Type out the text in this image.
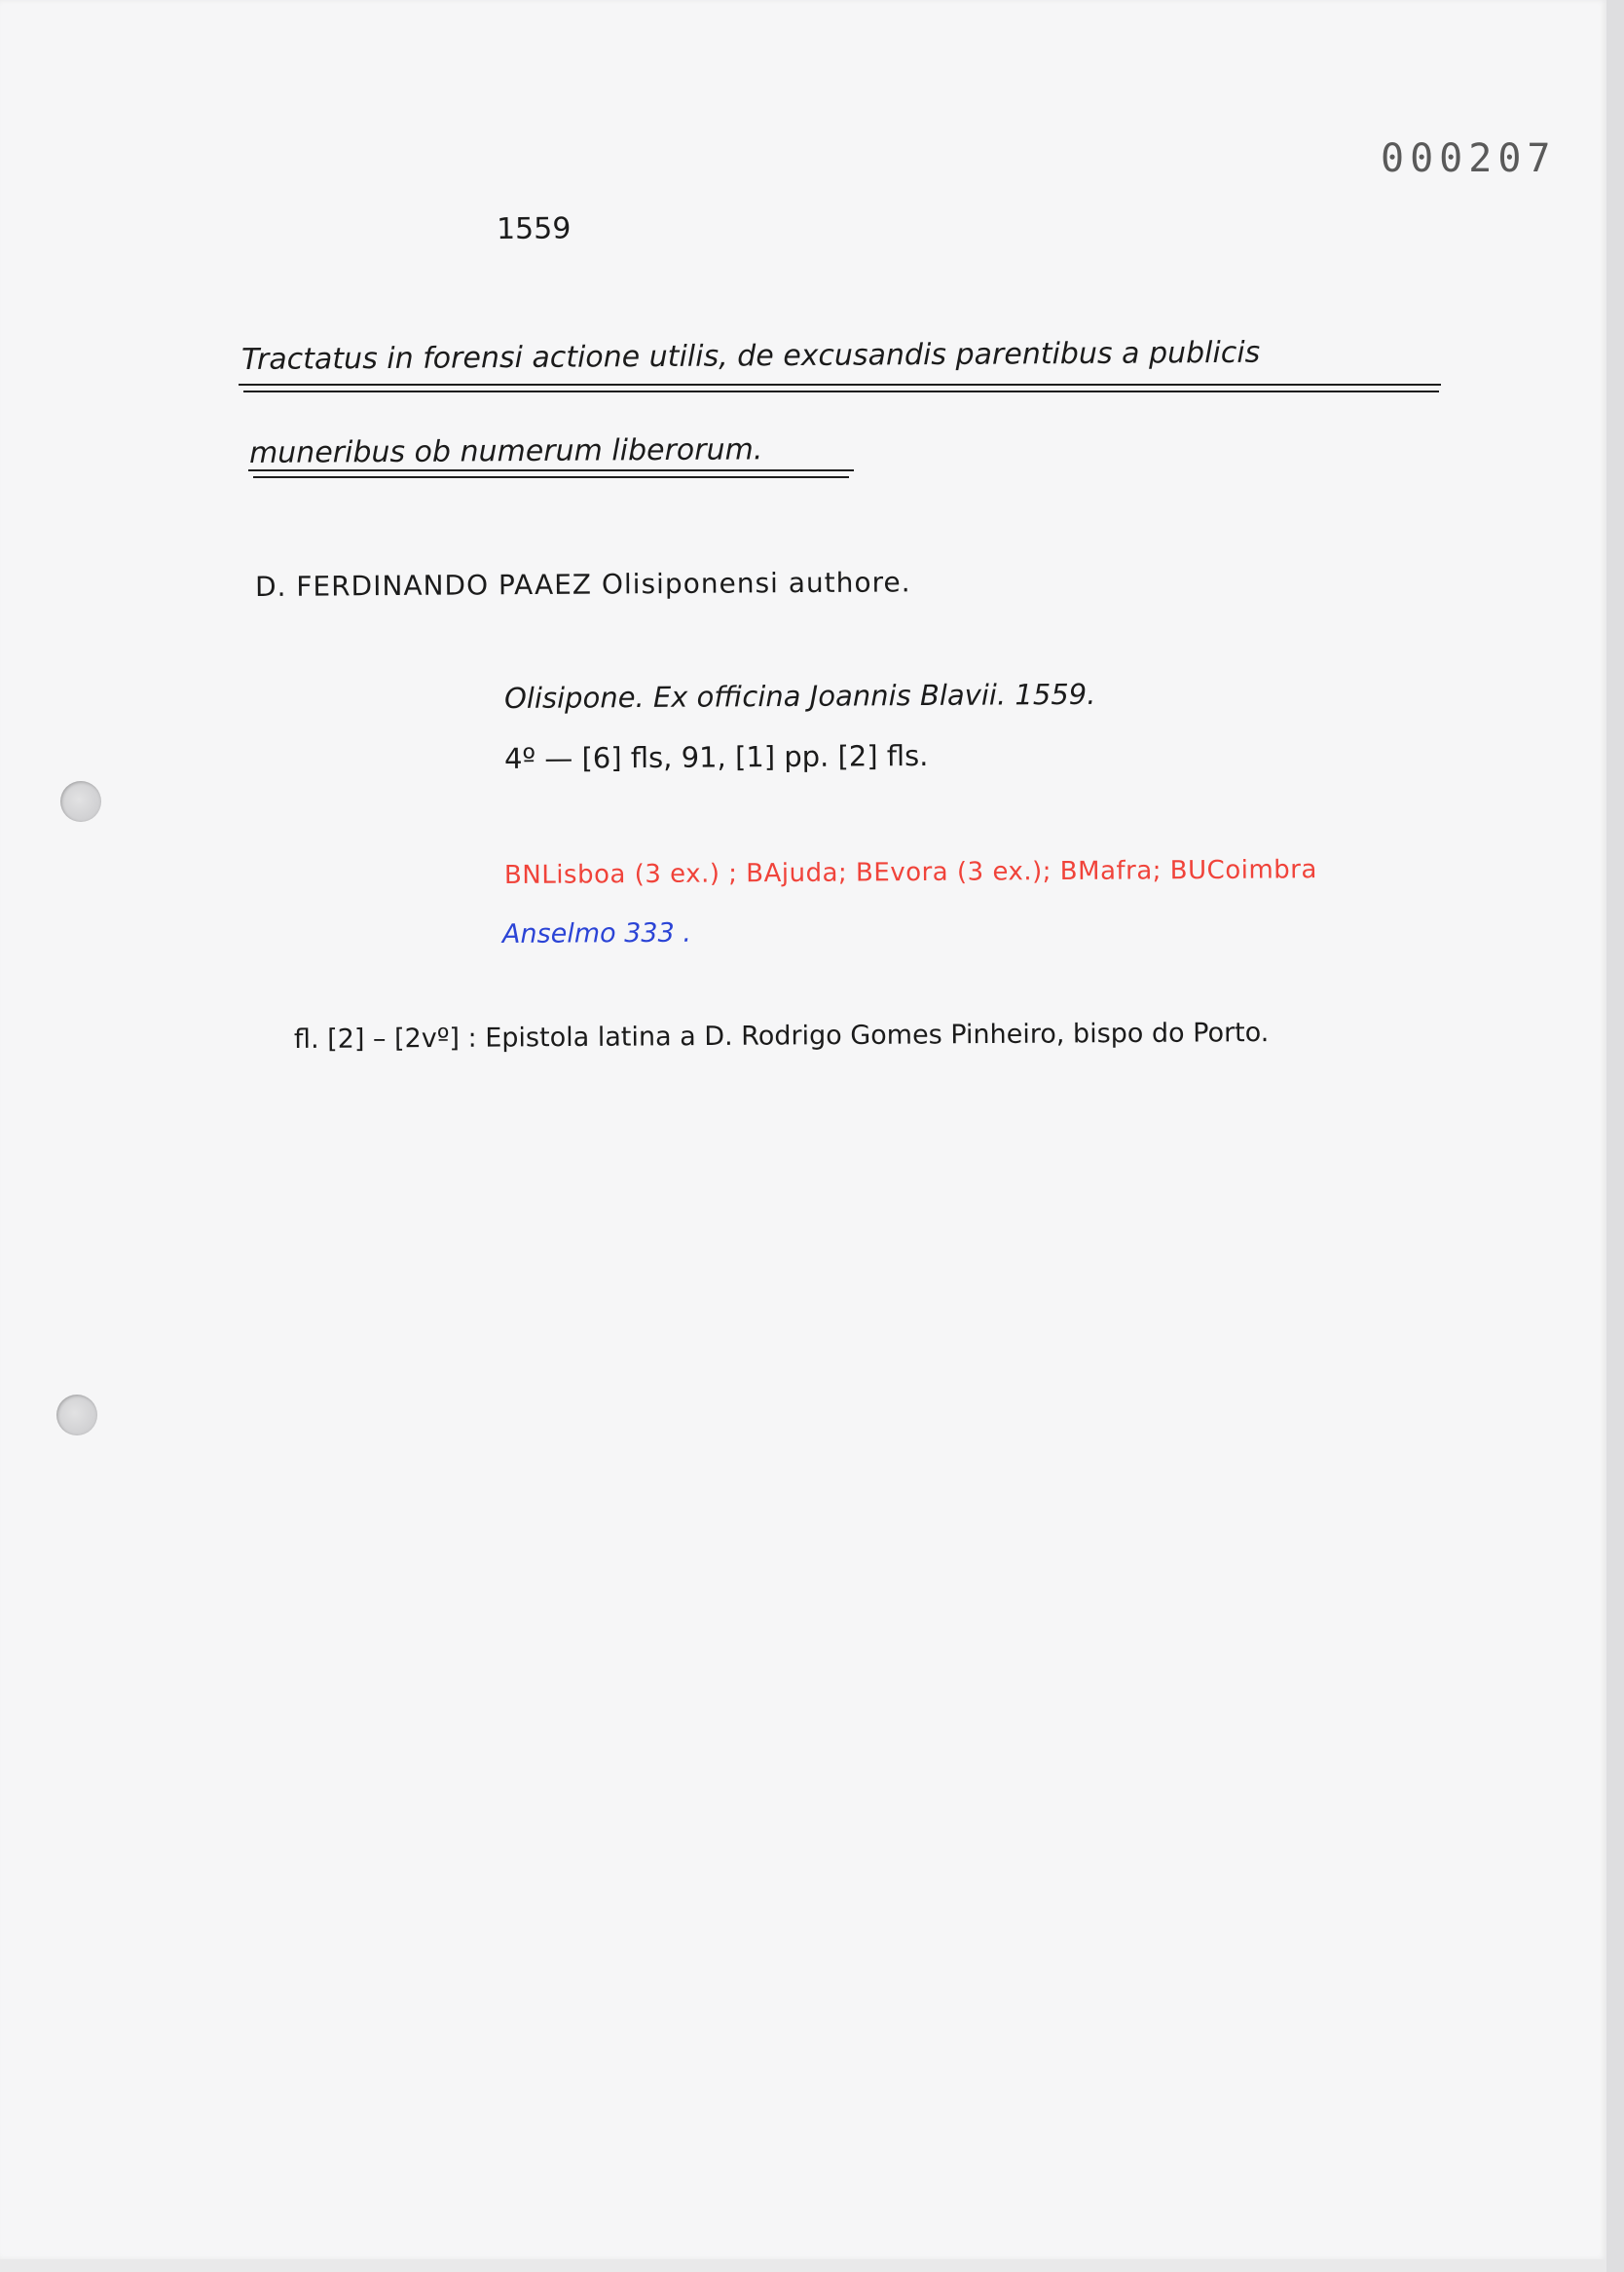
000207
1559
Tractatus in forensi actione utilis, de excusandis parentibus a publicis
muneribus ob numerum liberorum.
D. FERDINANDO PAAEZ Olisiponensi authore.
Olisipone. Ex officina Joannis Blavii. 1559.
4º — [6] fls, 91, [1] pp. [2] fls.
BNLisboa (3 ex.) ; BAjuda; BEvora (3 ex.); BMafra; BUCoimbra
Anselmo 333 .
fl. [2] – [2vº] : Epistola latina a D. Rodrigo Gomes Pinheiro, bispo do Porto.
